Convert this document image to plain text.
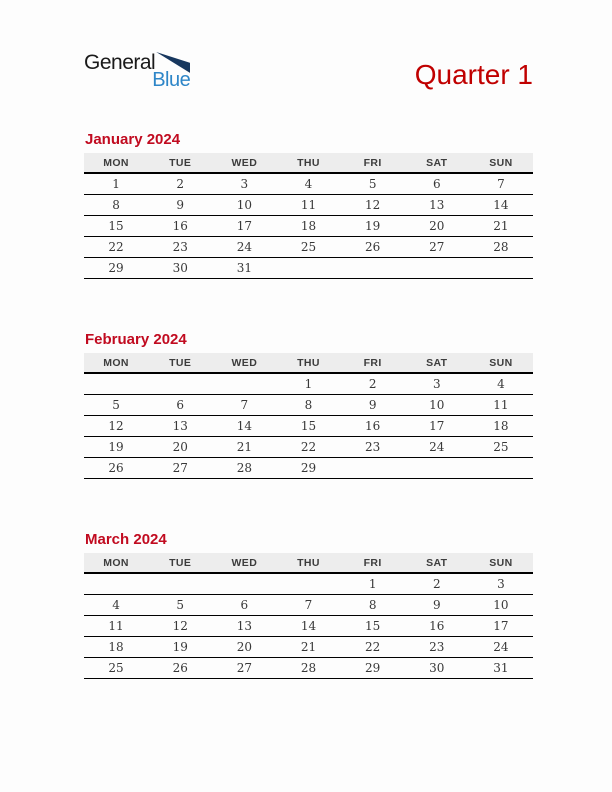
General
Blue	Quarter 1
January 2024
MON	TUE	WED	THU	FRI	SAT	SUN
1	2	3	4	5	6	7
8	9	10	11	12	13	14
15	16	17	18	19	20	21
22	23	24	25	26	27	28
29	30	31				
February 2024
MON	TUE	WED	THU	FRI	SAT	SUN
			1	2	3	4
5	6	7	8	9	10	11
12	13	14	15	16	17	18
19	20	21	22	23	24	25
26	27	28	29			
March 2024
MON	TUE	WED	THU	FRI	SAT	SUN
				1	2	3
4	5	6	7	8	9	10
11	12	13	14	15	16	17
18	19	20	21	22	23	24
25	26	27	28	29	30	31
